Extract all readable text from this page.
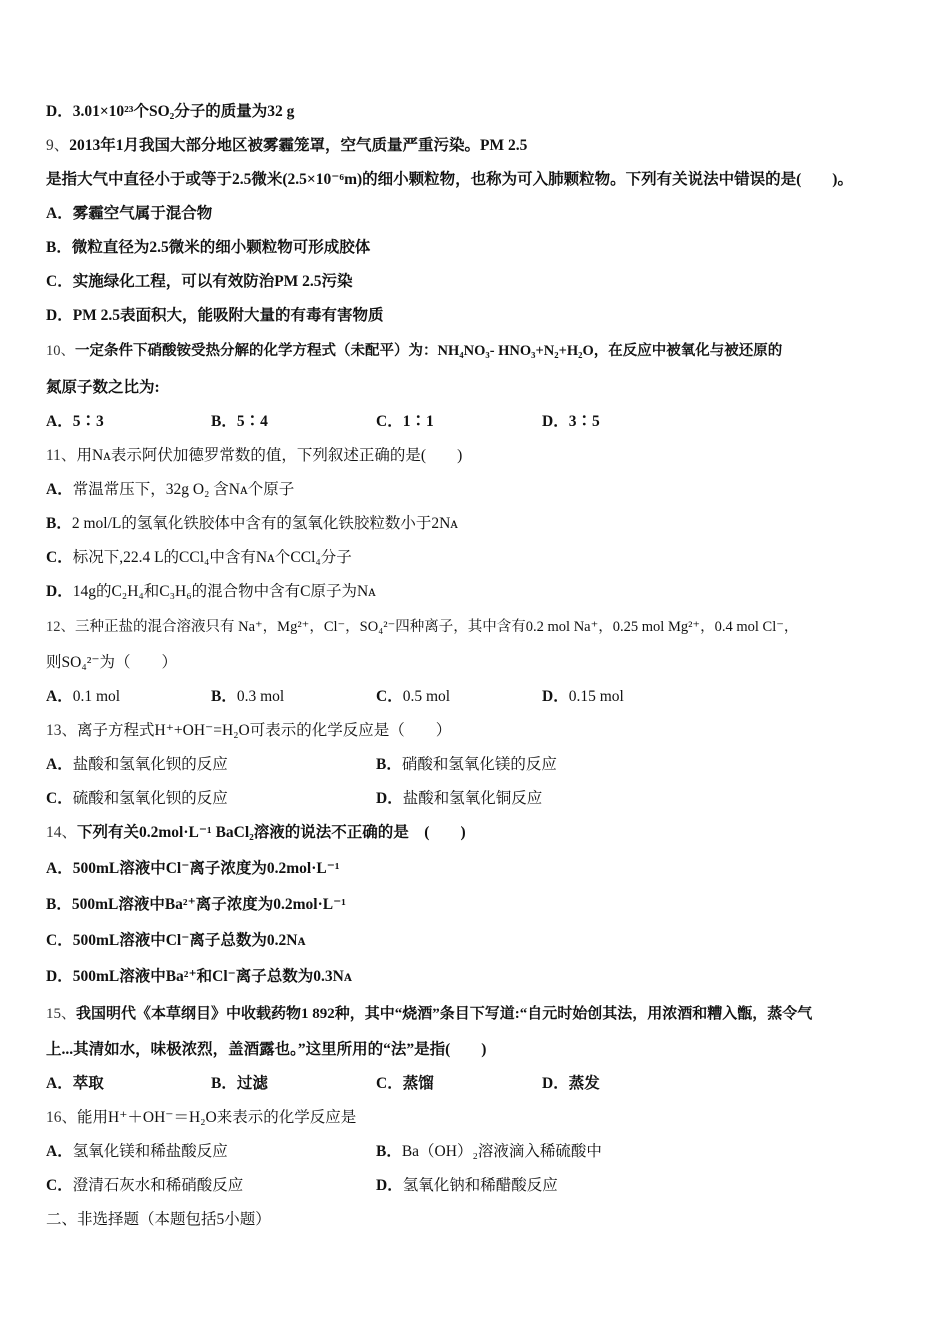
D．3.01×10²³个SO₂分子的质量为32 g
9、2013年1月我国大部分地区被雾霾笼罩，空气质量严重污染。PM 2.5
是指大气中直径小于或等于2.5微米(2.5×10⁻⁶m)的细小颗粒物，也称为可入肺颗粒物。下列有关说法中错误的是(　　)。
A．雾霾空气属于混合物
B．微粒直径为2.5微米的细小颗粒物可形成胶体
C．实施绿化工程，可以有效防治PM 2.5污染
D．PM 2.5表面积大，能吸附大量的有毒有害物质
10、一定条件下硝酸铵受热分解的化学方程式（未配平）为：NH₄NO₃- HNO₃+N₂+H₂O，在反应中被氧化与被还原的
氮原子数之比为:
A．5∶3	B．5∶4	C．1∶1	D．3∶5
11、用Nᴀ表示阿伏加德罗常数的值，下列叙述正确的是(　　)
A．常温常压下，32g O₂ 含Nᴀ个原子
B．2 mol/L的氢氧化铁胶体中含有的氢氧化铁胶粒数小于2Nᴀ
C．标况下,22.4 L的CCl₄中含有Nᴀ个CCl₄分子
D．14g的C₂H₄和C₃H₆的混合物中含有C原子为Nᴀ
12、三种正盐的混合溶液只有 Na⁺，Mg²⁺，Cl⁻，SO₄²⁻四种离子，其中含有0.2 mol Na⁺，0.25 mol Mg²⁺，0.4 mol Cl⁻，
则SO₄²⁻为（　　）
A．0.1 mol	B．0.3 mol	C．0.5 mol	D．0.15 mol
13、离子方程式H⁺+OH⁻=H₂O可表示的化学反应是（　　）
A．盐酸和氢氧化钡的反应	B．硝酸和氢氧化镁的反应
C．硫酸和氢氧化钡的反应	D．盐酸和氢氧化铜反应
14、下列有关0.2mol·L⁻¹ BaCl₂溶液的说法不正确的是　(　　)
A．500mL溶液中Cl⁻离子浓度为0.2mol·L⁻¹
B．500mL溶液中Ba²⁺离子浓度为0.2mol·L⁻¹
C．500mL溶液中Cl⁻离子总数为0.2Nᴀ
D．500mL溶液中Ba²⁺和Cl⁻离子总数为0.3Nᴀ
15、我国明代《本草纲目》中收载药物1 892种，其中“烧酒”条目下写道:“自元时始创其法，用浓酒和糟入甑，蒸令气
上...其清如水，味极浓烈，盖酒露也。”这里所用的“法”是指(　　)
A．萃取	B．过滤	C．蒸馏	D．蒸发
16、能用H⁺＋OH⁻＝H₂O来表示的化学反应是
A．氢氧化镁和稀盐酸反应	B．Ba（OH）₂溶液滴入稀硫酸中
C．澄清石灰水和稀硝酸反应	D．氢氧化钠和稀醋酸反应
二、非选择题（本题包括5小题）
